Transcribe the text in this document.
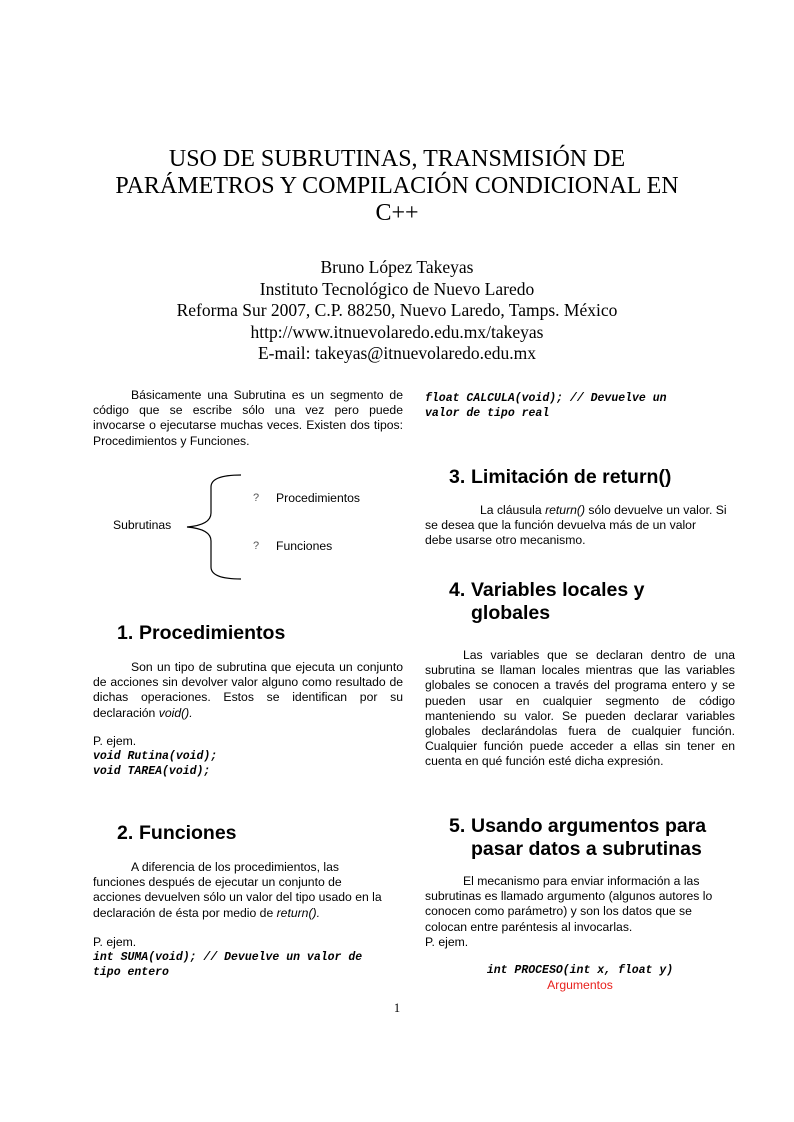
USO DE SUBRUTINAS, TRANSMISIÓN DE
PARÁMETROS Y COMPILACIÓN CONDICIONAL EN
C++
Bruno López Takeyas
Instituto Tecnológico de Nuevo Laredo
Reforma Sur 2007, C.P. 88250, Nuevo Laredo, Tamps. México
http://www.itnuevolaredo.edu.mx/takeyas
E-mail: takeyas@itnuevolaredo.edu.mx
Básicamente una Subrutina es un segmento de código que se escribe sólo una vez pero puede invocarse o ejecutarse muchas veces. Existen dos tipos: Procedimientos y Funciones.
Subrutinas
? Procedimientos
? Funciones
1. Procedimientos
Son un tipo de subrutina que ejecuta un conjunto de acciones sin devolver valor alguno como resultado de dichas operaciones. Estos se identifican por su declaración void().
P. ejem.
void Rutina(void);
void TAREA(void);
2. Funciones
A diferencia de los procedimientos, las
funciones después de ejecutar un conjunto de
acciones devuelven sólo un valor del tipo usado en la
declaración de ésta por medio de return().
P. ejem.
int SUMA(void); // Devuelve un valor de
tipo entero
float CALCULA(void); // Devuelve un
valor de tipo real
3. Limitación de return()
La cláusula return() sólo devuelve un valor. Si
se desea que la función devuelva más de un valor
debe usarse otro mecanismo.
4. Variables locales y
globales
Las variables que se declaran dentro de una subrutina se llaman locales mientras que las variables globales se conocen a través del programa entero y se pueden usar en cualquier segmento de código manteniendo su valor. Se pueden declarar variables globales declarándolas fuera de cualquier función. Cualquier función puede acceder a ellas sin tener en cuenta en qué función esté dicha expresión.
5. Usando argumentos para
pasar datos a subrutinas
El mecanismo para enviar información a las
subrutinas es llamado argumento (algunos autores lo
conocen como parámetro) y son los datos que se
colocan entre paréntesis al invocarlas.
P. ejem.
int PROCESO(int x, float y)
Argumentos
1
